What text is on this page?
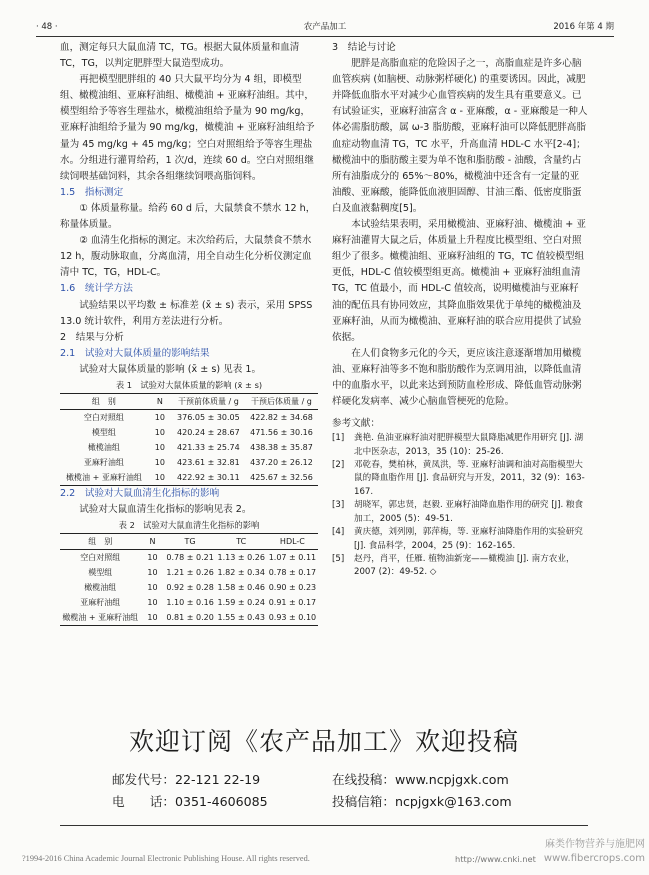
· 48 ·	农产品加工	2016 年第 4 期

血，测定每只大鼠血清 TC，TG。根据大鼠体质量和血清 TC，TG，以判定肥胖型大鼠造型成功。

再把模型肥胖组的 40 只大鼠平均分为 4 组，即模型组、橄榄油组、亚麻籽油组、橄榄油 + 亚麻籽油组。其中，模型组给予等容生理盐水，橄榄油组给予量为 90 mg/kg，亚麻籽油组给予量为 90 mg/kg，橄榄油 + 亚麻籽油组给予量为 45 mg/kg + 45 mg/kg；空白对照组给予等容生理盐水。分组进行灌胃给药，1 次/d，连续 60 d。空白对照组继续饲喂基础饲料，其余各组继续饲喂高脂饲料。

1.5　指标测定

① 体质量称量。给药 60 d 后，大鼠禁食不禁水 12 h，称量体质量。

② 血清生化指标的测定。末次给药后，大鼠禁食不禁水 12 h，腹动脉取血，分离血清，用全自动生化分析仪测定血清中 TC，TG，HDL-C。

1.6　统计学方法

试验结果以平均数 ± 标准差 (x̄ ± s) 表示，采用 SPSS 13.0 统计软件，利用方差法进行分析。

2　结果与分析

2.1　试验对大鼠体质量的影响结果

试验对大鼠体质量的影响 (x̄ ± s) 见表 1。

表 1　试验对大鼠体质量的影响 (x̄ ± s)

组　别	N	干预前体质量 / g	干预后体质量 / g
空白对照组	10	376.05 ± 30.05	422.82 ± 34.68
模型组	10	420.24 ± 28.67	471.56 ± 30.16
橄榄油组	10	421.33 ± 25.74	438.38 ± 35.87
亚麻籽油组	10	423.61 ± 32.81	437.20 ± 26.12
橄榄油 + 亚麻籽油组	10	422.92 ± 30.11	425.67 ± 32.56

2.2　试验对大鼠血清生化指标的影响

试验对大鼠血清生化指标的影响见表 2。

表 2　试验对大鼠血清生化指标的影响

组　别	N	TG	TC	HDL-C
空白对照组	10	0.78 ± 0.21	1.13 ± 0.26	1.07 ± 0.11
模型组	10	1.21 ± 0.26	1.82 ± 0.34	0.78 ± 0.17
橄榄油组	10	0.92 ± 0.28	1.58 ± 0.46	0.90 ± 0.23
亚麻籽油组	10	1.10 ± 0.16	1.59 ± 0.24	0.91 ± 0.17
橄榄油 + 亚麻籽油组	10	0.81 ± 0.20	1.55 ± 0.43	0.93 ± 0.10

3　结论与讨论

肥胖是高脂血症的危险因子之一，高脂血症是许多心脑血管疾病 (如脑梗、动脉粥样硬化) 的重要诱因。因此，减肥并降低血脂水平对减少心血管疾病的发生具有重要意义。已有试验证实，亚麻籽油富含 α - 亚麻酸，α - 亚麻酸是一种人体必需脂肪酸，属 ω-3 脂肪酸，亚麻籽油可以降低肥胖高脂血症动物血清 TG，TC 水平，升高血清 HDL-C 水平[2-4]；橄榄油中的脂肪酸主要为单不饱和脂肪酸 - 油酸，含量约占所有油脂成分的 65%～80%，橄榄油中还含有一定量的亚油酸、亚麻酸，能降低血液胆固醇、甘油三酯、低密度脂蛋白及血液黏稠度[5]。

本试验结果表明，采用橄榄油、亚麻籽油、橄榄油 + 亚麻籽油灌胃大鼠之后，体质量上升程度比模型组、空白对照组少了很多。橄榄油组、亚麻籽油组的 TG，TC 值较模型组更低，HDL-C 值较模型组更高。橄榄油 + 亚麻籽油组血清 TG，TC 值最小，而 HDL-C 值较高，说明橄榄油与亚麻籽油的配伍具有协同效应，其降血脂效果优于单纯的橄榄油及亚麻籽油，从而为橄榄油、亚麻籽油的联合应用提供了试验依据。

在人们食物多元化的今天，更应该注意逐渐增加用橄榄油、亚麻籽油等多不饱和脂肪酸作为烹调用油，以降低血清中的血脂水平，以此来达到预防血栓形成、降低血管动脉粥样硬化发病率、减少心脑血管梗死的危险。

参考文献：

[1]	龚艳. 鱼油亚麻籽油对肥胖模型大鼠降脂减肥作用研究 [J]. 湖北中医杂志，2013，35 (10)：25-26.
[2]	邓乾春，樊柏林，黄凤洪，等. 亚麻籽油调和油对高脂模型大鼠的降血脂作用 [J]. 食品研究与开发，2011，32 (9)：163-167.
[3]	胡晓军，郭忠贤，赵毅. 亚麻籽油降血脂作用的研究 [J]. 粮食加工，2005 (5)：49-51.
[4]	黄庆德，刘列刚，郭萍梅，等. 亚麻籽油降脂作用的实验研究 [J]. 食品科学，2004，25 (9)：162-165.
[5]	赵丹，肖平，任雁. 植物油新宠——橄榄油 [J]. 南方农业，2007 (2)：49-52. ◇
欢迎订阅《农产品加工》欢迎投稿
邮发代号：22-121 22-19	在线投稿：www.ncpjgxk.com
电　　话：0351-4606085	投稿信箱：ncpjgxk@163.com
?1994-2016 China Academic Journal Electronic Publishing House. All rights reserved.	http://www.cnki.net
麻类作物营养与施肥网
www.fibercrops.com
